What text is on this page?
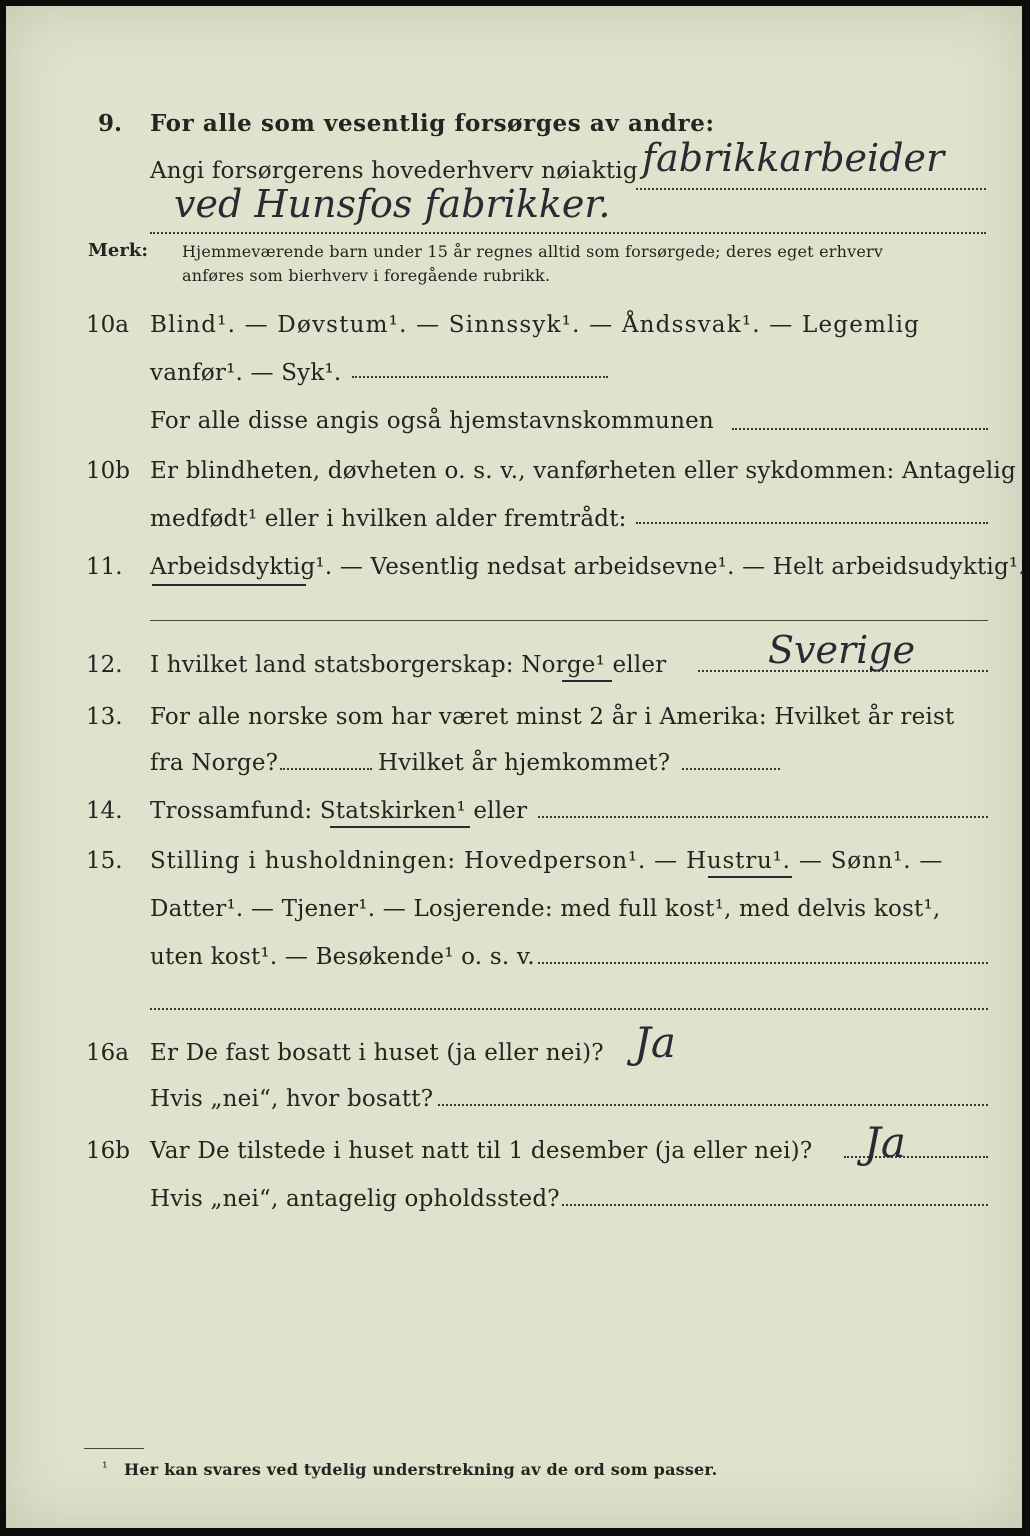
9. For alle som vesentlig forsørges av andre:
Angi forsørgerens hovederhverv nøiaktig fabrikkarbeider
ved Hunsfos fabrikker.
Merk: Hjemmeværende barn under 15 år regnes alltid som forsørgede; deres eget erhverv
anføres som bierhverv i foregående rubrikk.
10a Blind¹. — Døvstum¹. — Sinnssyk¹. — Åndssvak¹. — Legemlig
vanfør¹. — Syk¹.
For alle disse angis også hjemstavnskommunen
10b Er blindheten, døvheten o. s. v., vanførheten eller sykdommen: Antagelig
medfødt¹ eller i hvilken alder fremtrådt:
11. Arbeidsdyktig¹. — Vesentlig nedsat arbeidsevne¹. — Helt arbeidsudyktig¹.
12. I hvilket land statsborgerskap: Norge¹ eller	Sverige
13. For alle norske som har været minst 2 år i Amerika: Hvilket år reist
fra Norge?	Hvilket år hjemkommet?
14. Trossamfund: Statskirken¹ eller
15. Stilling i husholdningen: Hovedperson¹. — Hustru¹. — Sønn¹. —
Datter¹. — Tjener¹. — Losjerende: med full kost¹, med delvis kost¹,
uten kost¹. — Besøkende¹ o. s. v.
16a Er De fast bosatt i huset (ja eller nei)? Ja
Hvis „nei“, hvor bosatt?
16b Var De tilstede i huset natt til 1 desember (ja eller nei)? Ja
Hvis „nei“, antagelig opholdssted?
¹ Her kan svares ved tydelig understrekning av de ord som passer.
